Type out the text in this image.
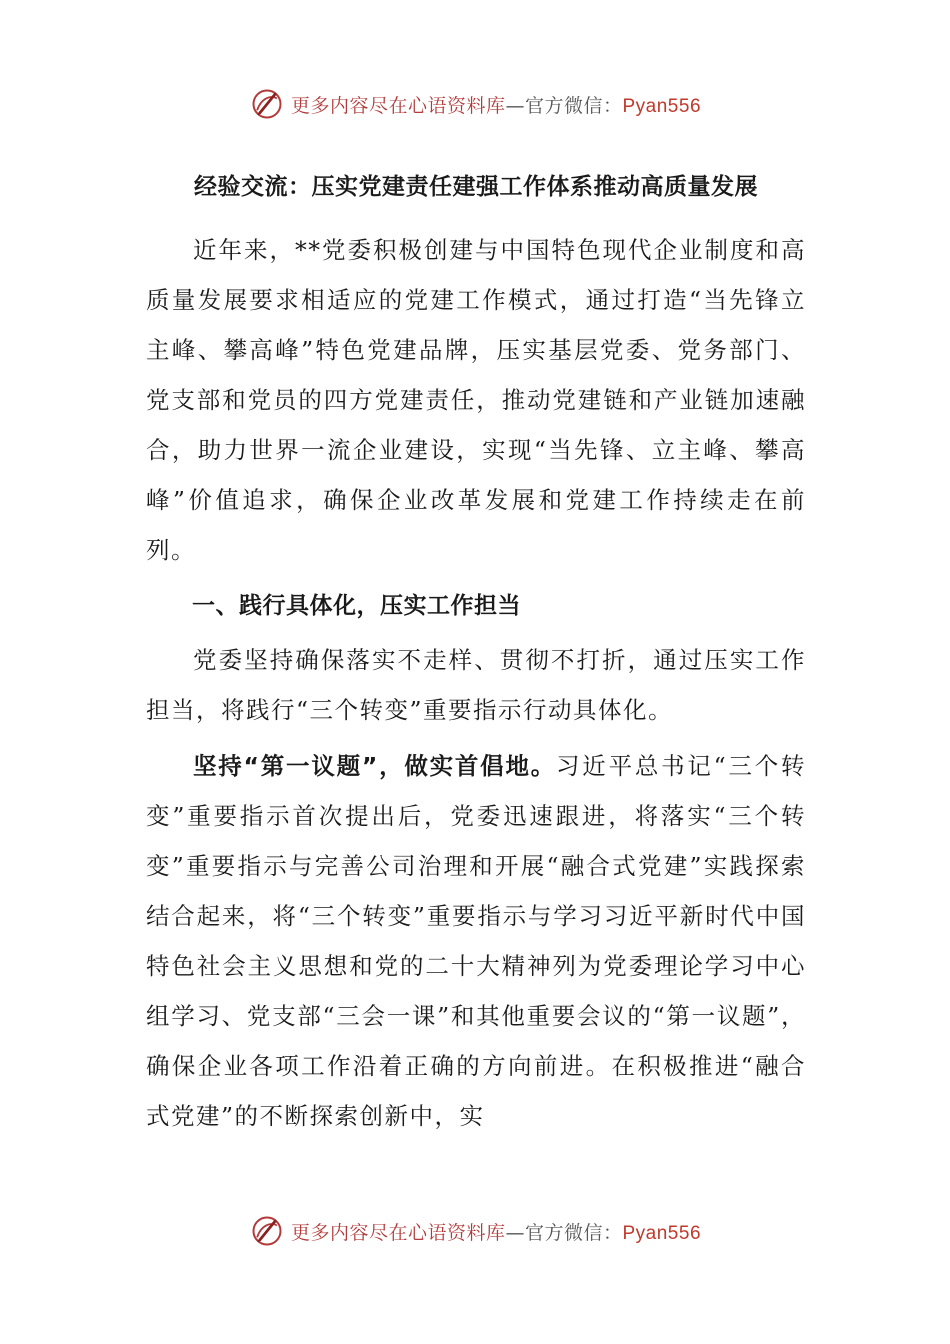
更多内容尽在心语资料库—官方微信：Pyan556
经验交流：压实党建责任建强工作体系推动高质量发展

近年来，**党委积极创建与中国特色现代企业制度和高质量发展要求相适应的党建工作模式，通过打造“当先锋立主峰、攀高峰”特色党建品牌，压实基层党委、党务部门、党支部和党员的四方党建责任，推动党建链和产业链加速融合，助力世界一流企业建设，实现“当先锋、立主峰、攀高峰”价值追求，确保企业改革发展和党建工作持续走在前列。

一、践行具体化，压实工作担当

党委坚持确保落实不走样、贯彻不打折，通过压实工作担当，将践行“三个转变”重要指示行动具体化。

坚持“第一议题”，做实首倡地。习近平总书记“三个转变”重要指示首次提出后，党委迅速跟进，将落实“三个转变”重要指示与完善公司治理和开展“融合式党建”实践探索结合起来，将“三个转变”重要指示与学习习近平新时代中国特色社会主义思想和党的二十大精神列为党委理论学习中心组学习、党支部“三会一课”和其他重要会议的“第一议题”，确保企业各项工作沿着正确的方向前进。在积极推进“融合式党建”的不断探索创新中，实

更多内容尽在心语资料库—官方微信：Pyan556
